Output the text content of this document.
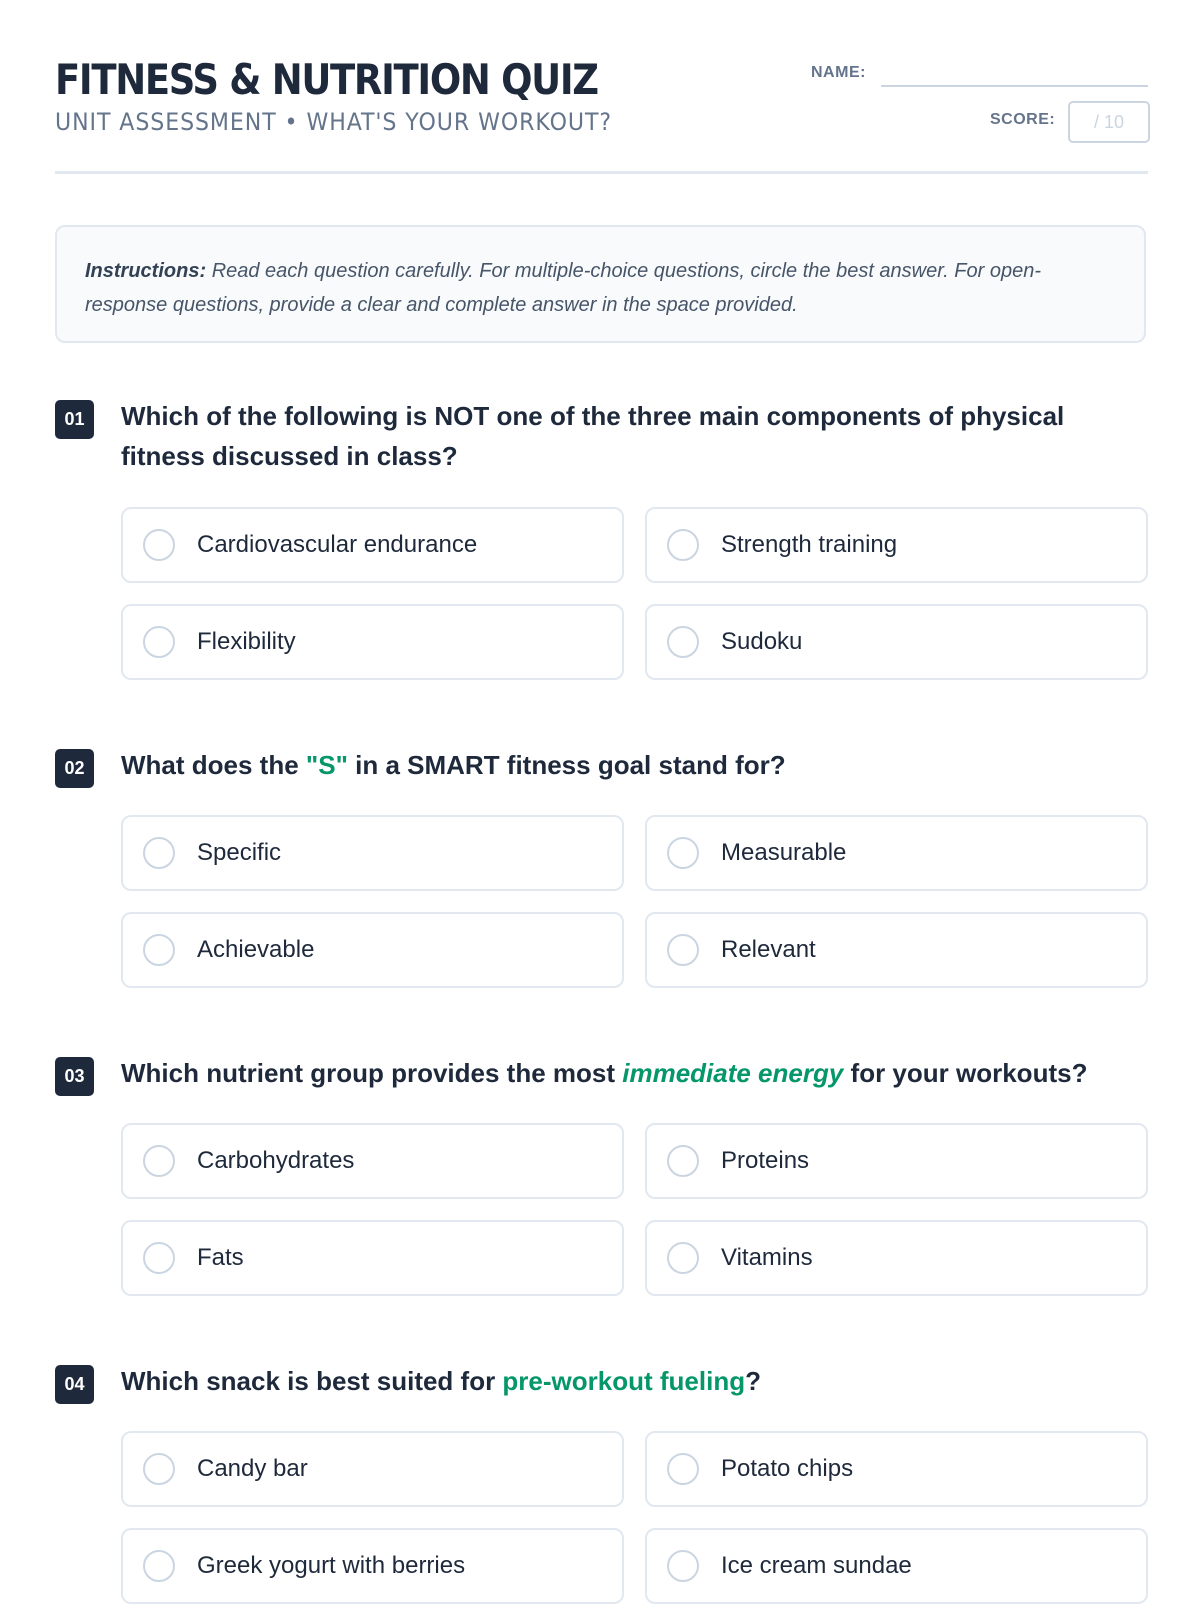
FITNESS & NUTRITION QUIZ
UNIT ASSESSMENT • WHAT'S YOUR WORKOUT?
NAME:
SCORE:	/ 10
Instructions: Read each question carefully. For multiple-choice questions, circle the best answer. For open-response questions, provide a clear and complete answer in the space provided.
01	Which of the following is NOT one of the three main components of physical fitness discussed in class?
Cardiovascular endurance	Strength training
Flexibility	Sudoku
02	What does the "S" in a SMART fitness goal stand for?
Specific	Measurable
Achievable	Relevant
03	Which nutrient group provides the most immediate energy for your workouts?
Carbohydrates	Proteins
Fats	Vitamins
04	Which snack is best suited for pre-workout fueling?
Candy bar	Potato chips
Greek yogurt with berries	Ice cream sundae
